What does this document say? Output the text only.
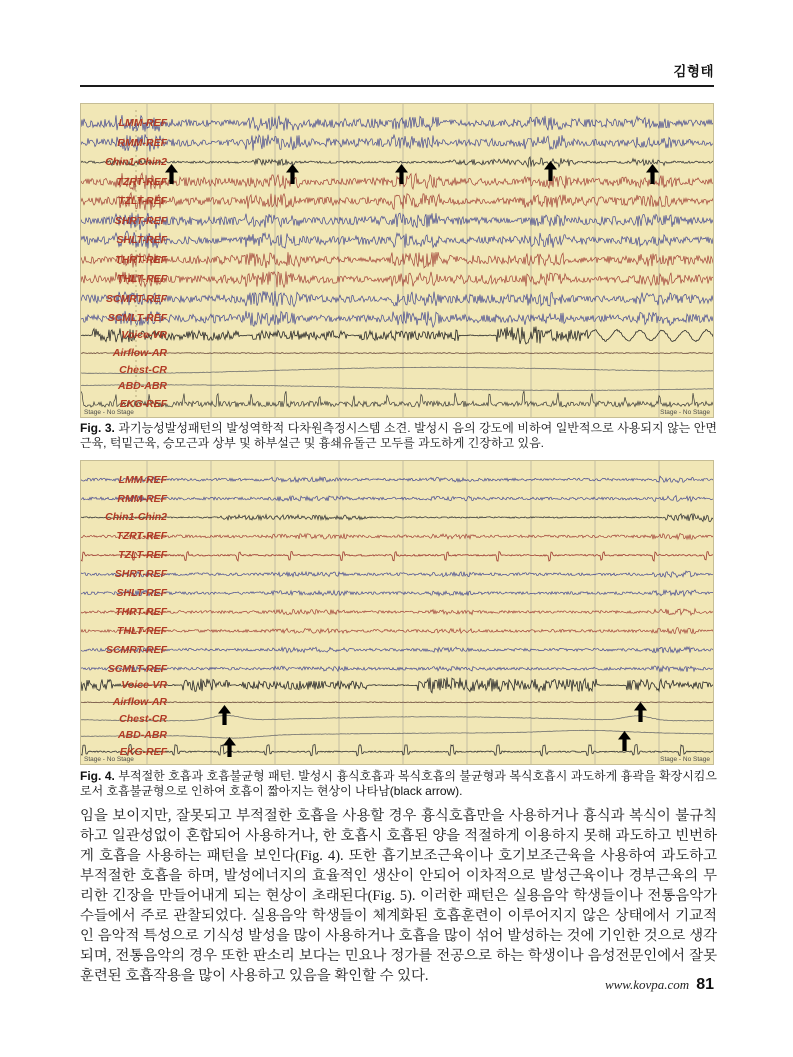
김형태
LMM-REF
RMM-REF
Chin1-Chin2
TZRT-REF
TZLT-REF
SHRT-REF
SHLT-REF
THRT-REF
THLT-REF
SCMRT-REF
SCMLT-REF
Voice-VR
Airflow-AR
Chest-CR
ABD-ABR
EKG-REF
Stage - No Stage	Stage - No Stage
Fig. 3. 과기능성발성패턴의 발성역학적 다차원측정시스템 소견. 발성시 음의 강도에 비하여 일반적으로 사용되지 않는 안면근육, 턱밑근육, 승모근과 상부 및 하부설근 및 흉쇄유돌근 모두를 과도하게 긴장하고 있음.
LMM-REF
RMM-REF
Chin1-Chin2
TZRT-REF
TZLT-REF
SHRT-REF
SHLT-REF
THRT-REF
THLT-REF
SCMRT-REF
SCMLT-REF
Voice-VR
Airflow-AR
Chest-CR
ABD-ABR
EKG-REF
Stage - No Stage	Stage - No Stage
Fig. 4. 부적절한 호흡과 호흡불균형 패턴. 발성시 흉식호흡과 복식호흡의 불균형과 복식호흡시 과도하게 흉곽을 확장시킴으로서 호흡불균형으로 인하여 호흡이 짧아지는 현상이 나타남(black arrow).
임을 보이지만, 잘못되고 부적절한 호흡을 사용할 경우 흉식호흡만을 사용하거나 흉식과 복식이 불규칙하고 일관성없이 혼합되어 사용하거나, 한 호흡시 호흡된 양을 적절하게 이용하지 못해 과도하고 빈번하게 호흡을 사용하는 패턴을 보인다(Fig. 4). 또한 흡기보조근육이나 호기보조근육을 사용하여 과도하고 부적절한 호흡을 하며, 발성에너지의 효율적인 생산이 안되어 이차적으로 발성근육이나 경부근육의 무리한 긴장을 만들어내게 되는 현상이 초래된다(Fig. 5). 이러한 패턴은 실용음악 학생들이나 전통음악가수들에서 주로 관찰되었다. 실용음악 학생들이 체계화된 호흡훈련이 이루어지지 않은 상태에서 기교적인 음악적 특성으로 기식성 발성을 많이 사용하거나 호흡을 많이 섞어 발성하는 것에 기인한 것으로 생각되며, 전통음악의 경우 또한 판소리 보다는 민요나 정가를 전공으로 하는 학생이나 음성전문인에서 잘못 훈련된 호흡작용을 많이 사용하고 있음을 확인할 수 있다.
www.kovpa.com 81
